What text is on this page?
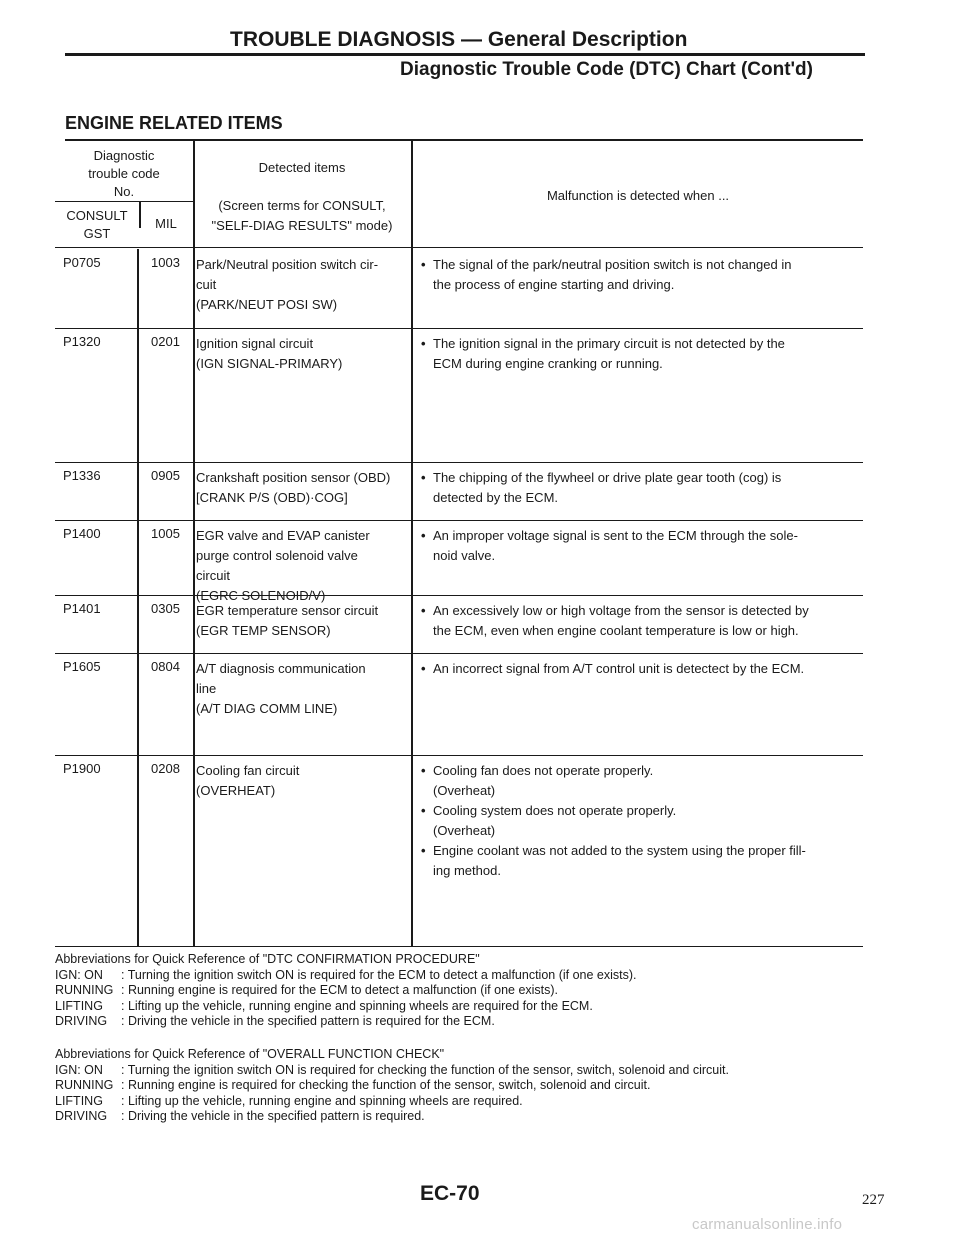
TROUBLE DIAGNOSIS — General Description
Diagnostic Trouble Code (DTC) Chart (Cont'd)
ENGINE RELATED ITEMS
Diagnostic
trouble code
No.
CONSULT
GST
MIL
Detected items
(Screen terms for CONSULT,
"SELF-DIAG RESULTS" mode)
Malfunction is detected when ...
P0705	1003 Park/Neutral position switch cir-
cuit
(PARK/NEUT POSI SW)
• The signal of the park/neutral position switch is not changed in
the process of engine starting and driving.
P1320	0201 Ignition signal circuit
(IGN SIGNAL-PRIMARY)
• The ignition signal in the primary circuit is not detected by the
ECM during engine cranking or running.
P1336	0905 Crankshaft position sensor (OBD)
[CRANK P/S (OBD)·COG]
• The chipping of the flywheel or drive plate gear tooth (cog) is
detected by the ECM.
P1400	1005 EGR valve and EVAP canister
purge control solenoid valve
circuit
(EGRC SOLENOID/V)
• An improper voltage signal is sent to the ECM through the sole-
noid valve.
P1401	0305 EGR temperature sensor circuit
(EGR TEMP SENSOR)
• An excessively low or high voltage from the sensor is detected by
the ECM, even when engine coolant temperature is low or high.
P1605	0804 A/T diagnosis communication
line
(A/T DIAG COMM LINE)
• An incorrect signal from A/T control unit is detectect by the ECM.
P1900	0208 Cooling fan circuit
(OVERHEAT)
• Cooling fan does not operate properly.
(Overheat)
• Cooling system does not operate properly.
(Overheat)
• Engine coolant was not added to the system using the proper fill-
ing method.
Abbreviations for Quick Reference of "DTC CONFIRMATION PROCEDURE"
IGN: ON	: Turning the ignition switch ON is required for the ECM to detect a malfunction (if one exists).
RUNNING : Running engine is required for the ECM to detect a malfunction (if one exists).
LIFTING	: Lifting up the vehicle, running engine and spinning wheels are required for the ECM.
DRIVING	: Driving the vehicle in the specified pattern is required for the ECM.
Abbreviations for Quick Reference of "OVERALL FUNCTION CHECK"
IGN: ON	: Turning the ignition switch ON is required for checking the function of the sensor, switch, solenoid and circuit.
RUNNING : Running engine is required for checking the function of the sensor, switch, solenoid and circuit.
LIFTING	: Lifting up the vehicle, running engine and spinning wheels are required.
DRIVING	: Driving the vehicle in the specified pattern is required.
EC-70	227
carmanualsonline.info
